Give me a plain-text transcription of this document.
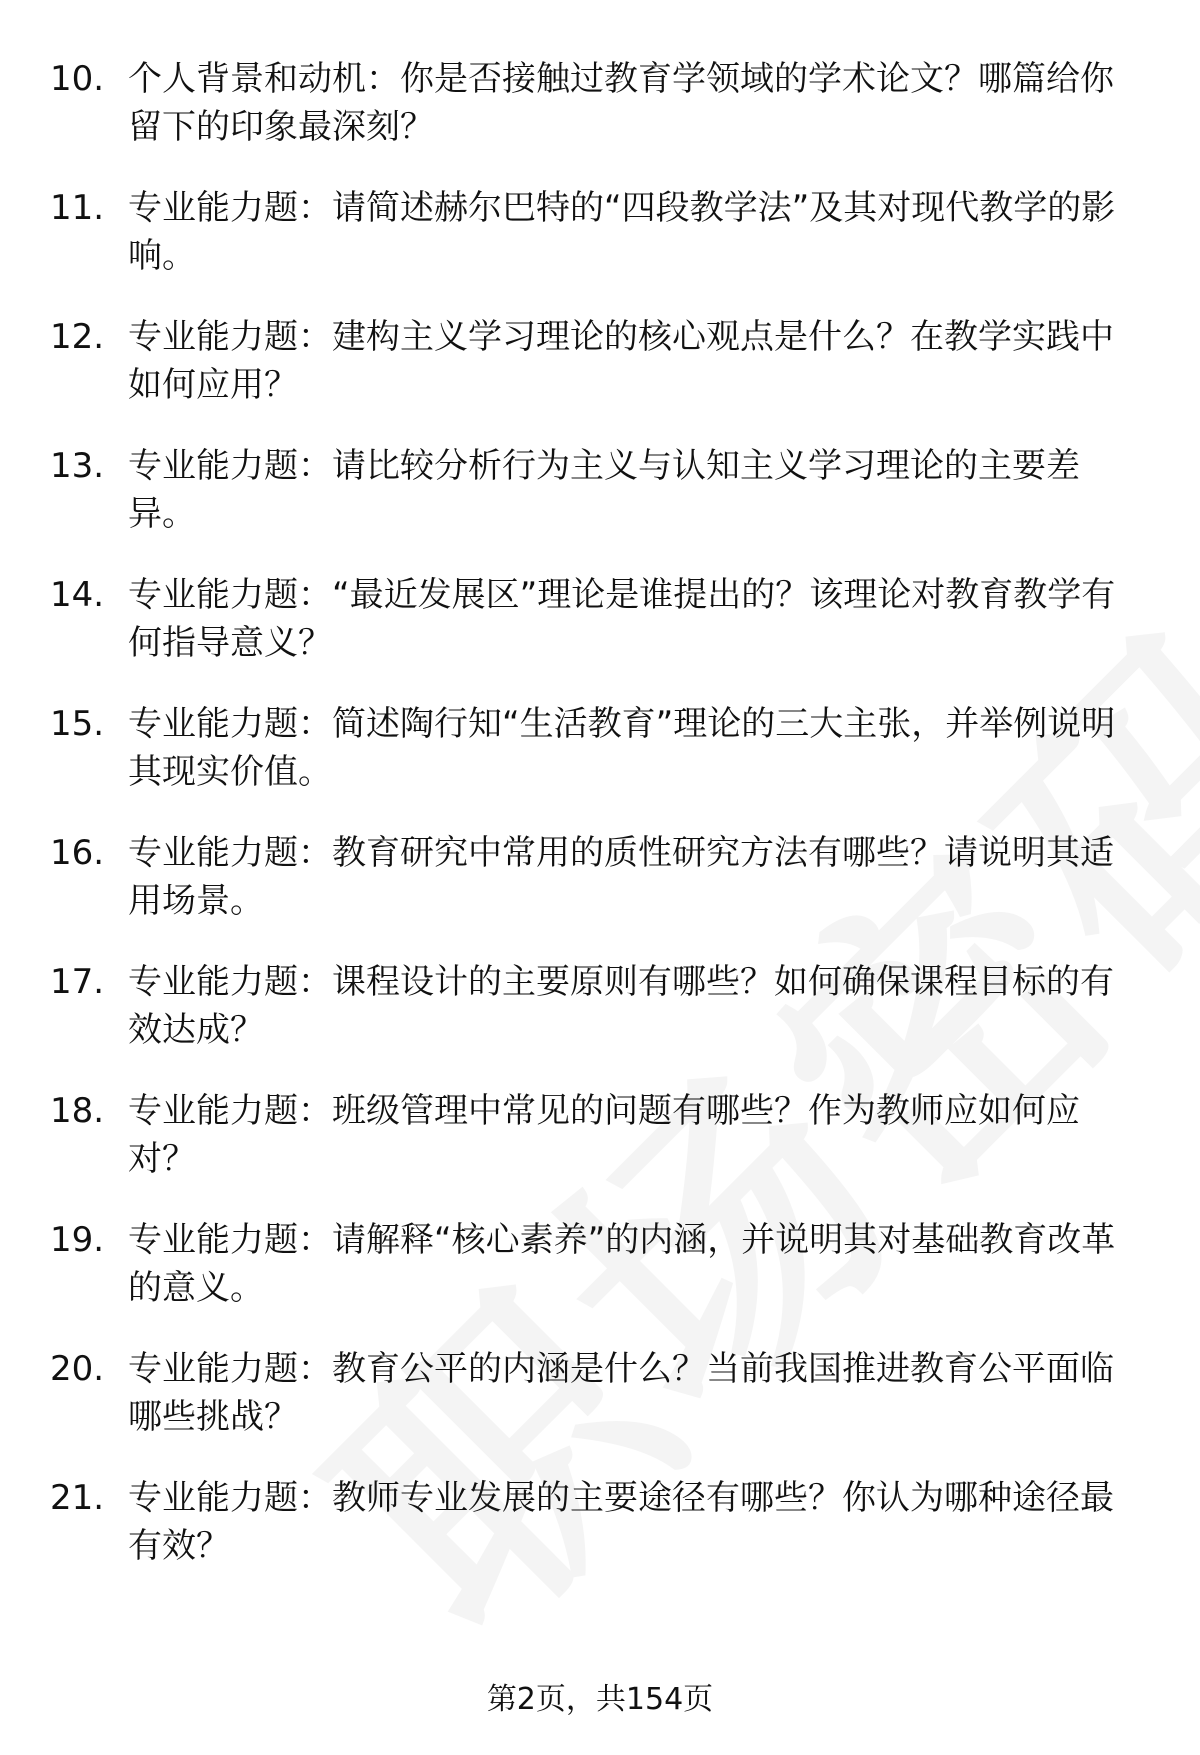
10. 个人背景和动机：你是否接触过教育学领域的学术论文？哪篇给你留下的印象最深刻？
11. 专业能力题：请简述赫尔巴特的“四段教学法”及其对现代教学的影响。
12. 专业能力题：建构主义学习理论的核心观点是什么？在教学实践中如何应用？
13. 专业能力题：请比较分析行为主义与认知主义学习理论的主要差异。
14. 专业能力题：“最近发展区”理论是谁提出的？该理论对教育教学有何指导意义？
15. 专业能力题：简述陶行知“生活教育”理论的三大主张，并举例说明其现实价值。
16. 专业能力题：教育研究中常用的质性研究方法有哪些？请说明其适用场景。
17. 专业能力题：课程设计的主要原则有哪些？如何确保课程目标的有效达成？
18. 专业能力题：班级管理中常见的问题有哪些？作为教师应如何应对？
19. 专业能力题：请解释“核心素养”的内涵，并说明其对基础教育改革的意义。
20. 专业能力题：教育公平的内涵是什么？当前我国推进教育公平面临哪些挑战？
21. 专业能力题：教师专业发展的主要途径有哪些？你认为哪种途径最有效？
第2页，共154页
